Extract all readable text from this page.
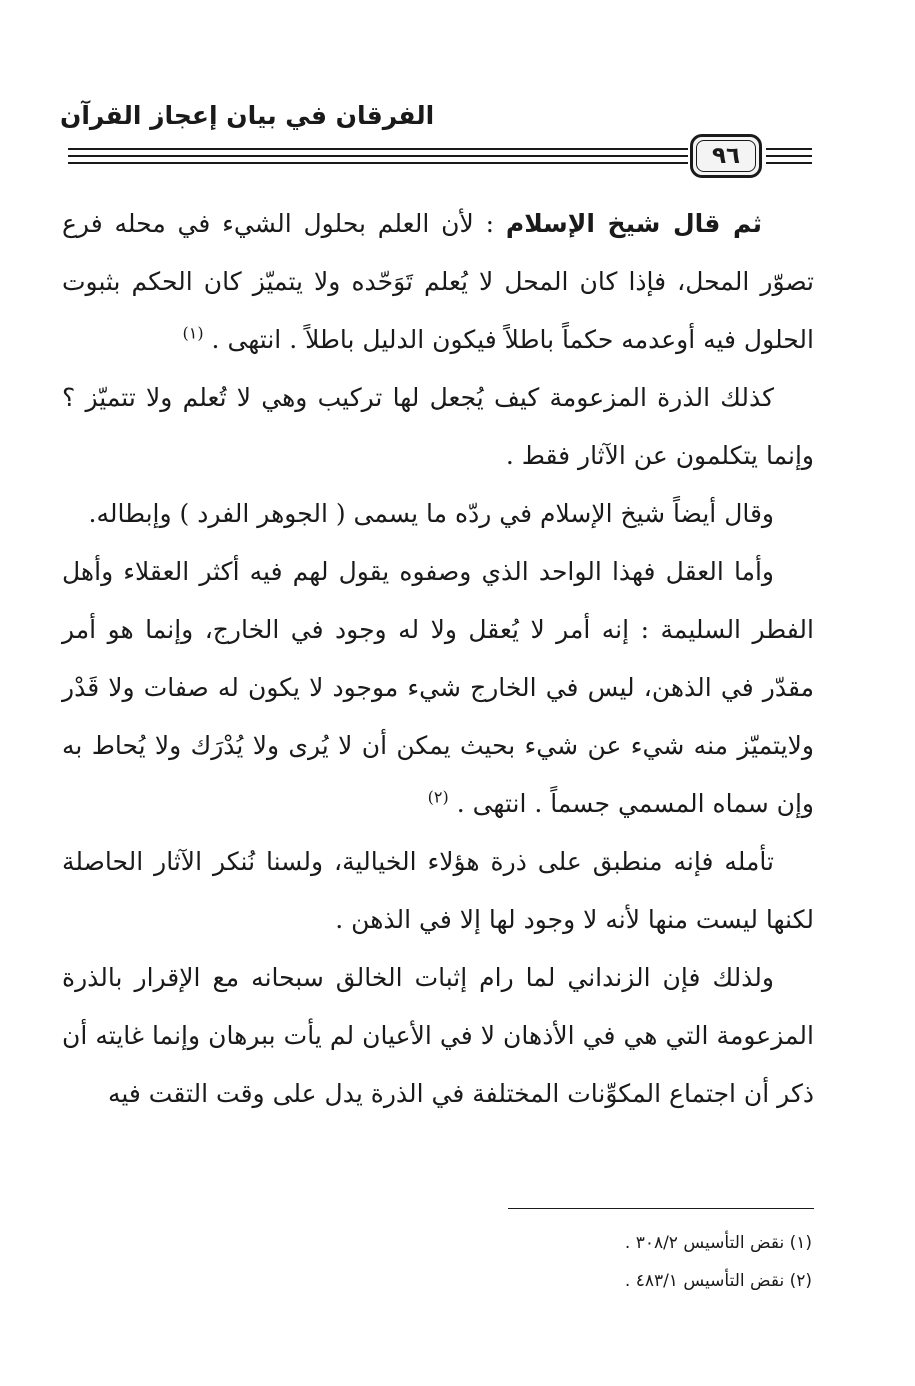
الفرقان في بيان إعجاز القرآن
٩٦

ثم قال شيخ الإسلام : لأن العلم بحلول الشيء في محله فرع تصوّر المحل، فإذا كان المحل لا يُعلم تَوَحّده ولا يتميّز كان الحكم بثبوت الحلول فيه أوعدمه حكماً باطلاً فيكون الدليل باطلاً . انتهى . $^{(١)}$

كذلك الذرة المزعومة كيف يُجعل لها تركيب وهي لا تُعلم ولا تتميّز ؟ وإنما يتكلمون عن الآثار فقط .

وقال أيضاً شيخ الإسلام في ردّه ما يسمى ( الجوهر الفرد ) وإبطاله.

وأما العقل فهذا الواحد الذي وصفوه يقول لهم فيه أكثر العقلاء وأهل الفطر السليمة : إنه أمر لا يُعقل ولا له وجود في الخارج، وإنما هو أمر مقدّر في الذهن، ليس في الخارج شيء موجود لا يكون له صفات ولا قَدْر ولايتميّز منه شيء عن شيء بحيث يمكن أن لا يُرى ولا يُدْرَك ولا يُحاط به وإن سماه المسمي جسماً . انتهى . $^{(٢)}$

تأمله فإنه منطبق على ذرة هؤلاء الخيالية، ولسنا نُنكر الآثار الحاصلة لكنها ليست منها لأنه لا وجود لها إلا في الذهن .

ولذلك فإن الزنداني لما رام إثبات الخالق سبحانه مع الإقرار بالذرة المزعومة التي هي في الأذهان لا في الأعيان لم يأت ببرهان وإنما غايته أن ذكر أن اجتماع المكوِّنات المختلفة في الذرة يدل على وقت التقت فيه

(١) نقض التأسيس ٣٠٨/٢ .
(٢) نقض التأسيس ٤٨٣/١ .
